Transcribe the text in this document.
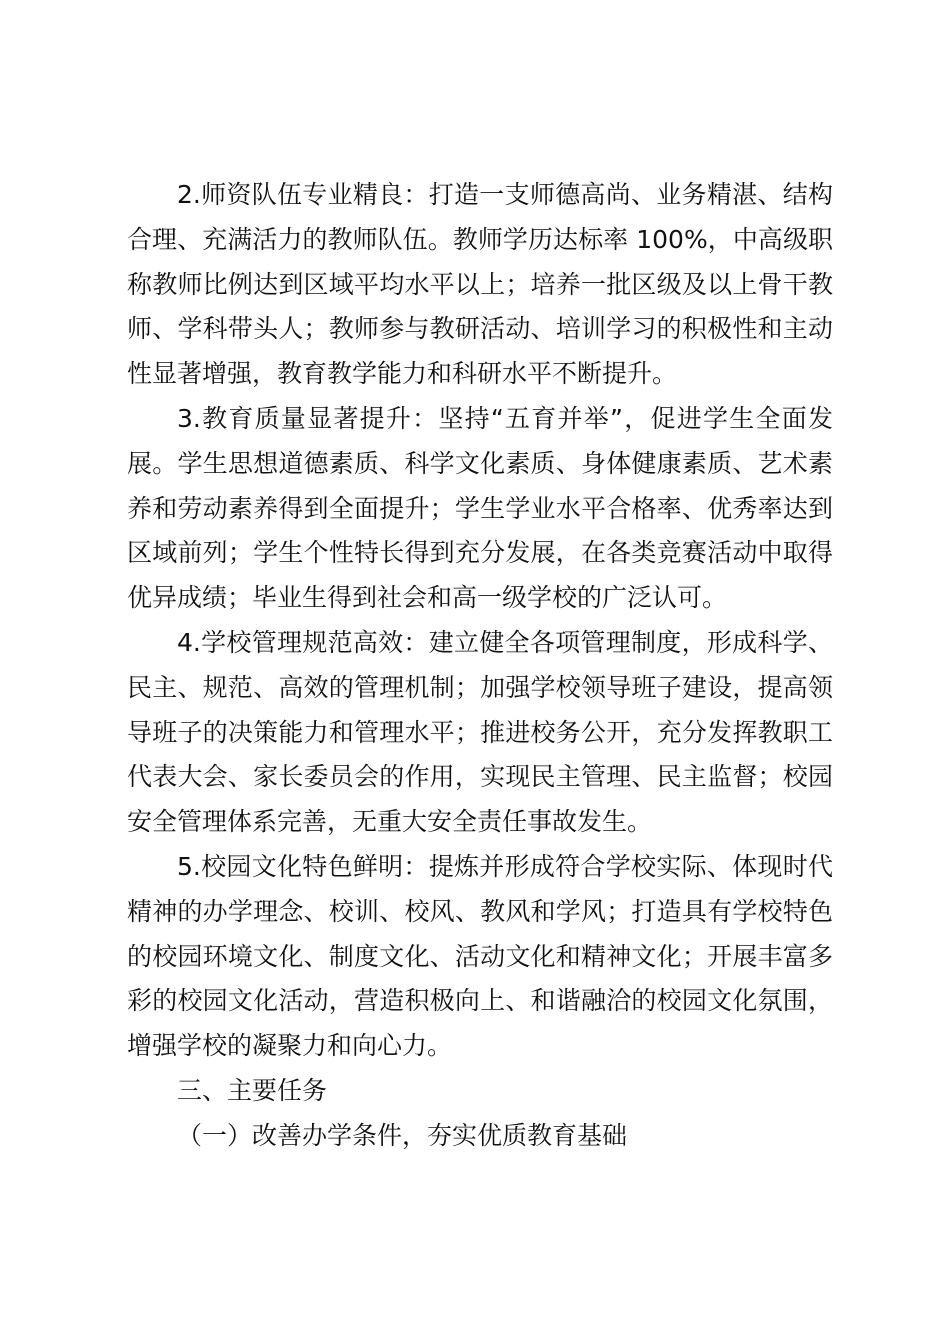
2.师资队伍专业精良：打造一支师德高尚、业务精湛、结构合理、充满活力的教师队伍。教师学历达标率 100%，中高级职称教师比例达到区域平均水平以上；培养一批区级及以上骨干教师、学科带头人；教师参与教研活动、培训学习的积极性和主动性显著增强，教育教学能力和科研水平不断提升。

3.教育质量显著提升：坚持“五育并举”，促进学生全面发展。学生思想道德素质、科学文化素质、身体健康素质、艺术素养和劳动素养得到全面提升；学生学业水平合格率、优秀率达到区域前列；学生个性特长得到充分发展，在各类竞赛活动中取得优异成绩；毕业生得到社会和高一级学校的广泛认可。

4.学校管理规范高效：建立健全各项管理制度，形成科学、民主、规范、高效的管理机制；加强学校领导班子建设，提高领导班子的决策能力和管理水平；推进校务公开，充分发挥教职工代表大会、家长委员会的作用，实现民主管理、民主监督；校园安全管理体系完善，无重大安全责任事故发生。

5.校园文化特色鲜明：提炼并形成符合学校实际、体现时代精神的办学理念、校训、校风、教风和学风；打造具有学校特色的校园环境文化、制度文化、活动文化和精神文化；开展丰富多彩的校园文化活动，营造积极向上、和谐融洽的校园文化氛围，增强学校的凝聚力和向心力。

三、主要任务

（一）改善办学条件，夯实优质教育基础
